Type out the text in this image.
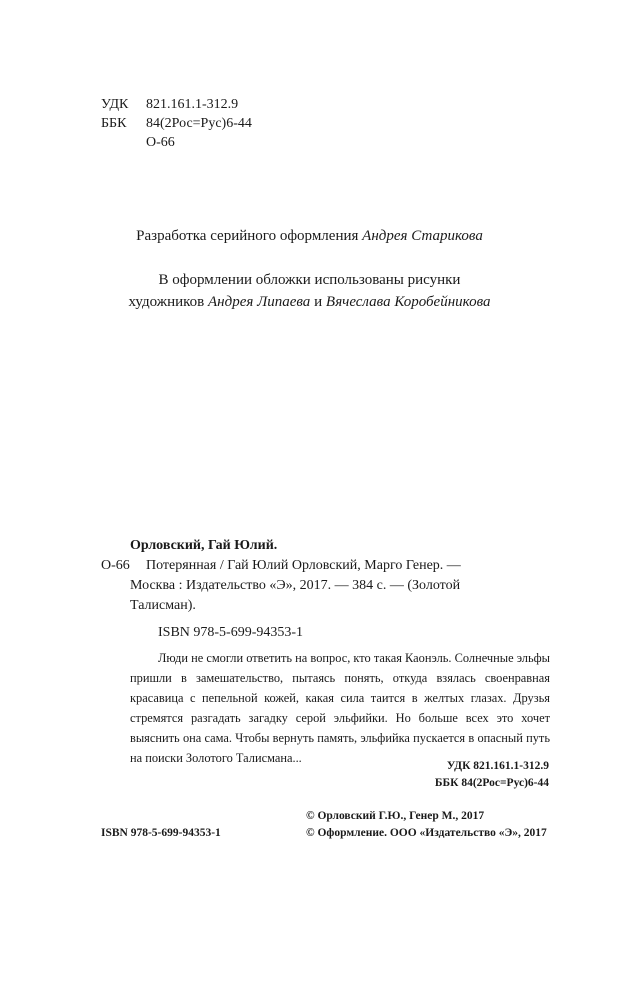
УДК 821.161.1-312.9
ББК 84(2Рос=Рус)6-44
О-66
Разработка серийного оформления Андрея Старикова
В оформлении обложки использованы рисунки
художников Андрея Липаева и Вячеслава Коробейникова
Орловский, Гай Юлий.
О-66 Потерянная / Гай Юлий Орловский, Марго Генер. —
Москва : Издательство «Э», 2017. — 384 с. — (Золотой
Талисман).
ISBN 978-5-699-94353-1
Люди не смогли ответить на вопрос, кто такая Каонэль. Солнечные эльфы пришли в замешательство, пытаясь понять, откуда взялась своенравная красавица с пепельной кожей, какая сила таится в желтых глазах. Друзья стремятся разгадать загадку серой эльфийки. Но больше всех это хочет выяснить она сама. Чтобы вернуть память, эльфийка пускается в опасный путь на поиски Золотого Талисмана...
УДК 821.161.1-312.9
ББК 84(2Рос=Рус)6-44
ISBN 978-5-699-94353-1
© Орловский Г.Ю., Генер М., 2017
© Оформление. ООО «Издательство «Э», 2017
